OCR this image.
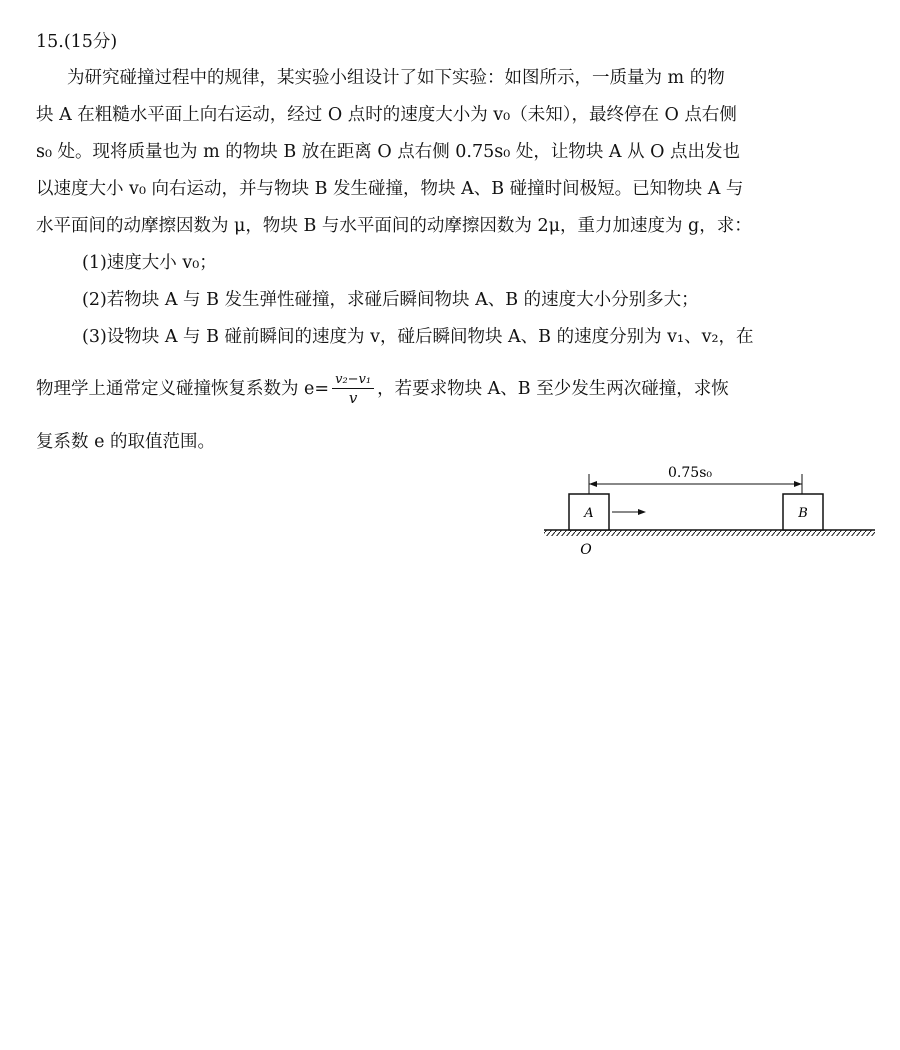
15.(15分)
为研究碰撞过程中的规律，某实验小组设计了如下实验：如图所示，一质量为 m 的物
块 A 在粗糙水平面上向右运动，经过 O 点时的速度大小为 v₀（未知），最终停在 O 点右侧
s₀ 处。现将质量也为 m 的物块 B 放在距离 O 点右侧 0.75s₀ 处，让物块 A 从 O 点出发也
以速度大小 v₀ 向右运动，并与物块 B 发生碰撞，物块 A、B 碰撞时间极短。已知物块 A 与
水平面间的动摩擦因数为 μ，物块 B 与水平面间的动摩擦因数为 2μ，重力加速度为 g，求：
(1)速度大小 v₀；
(2)若物块 A 与 B 发生弹性碰撞，求碰后瞬间物块 A、B 的速度大小分别多大；
(3)设物块 A 与 B 碰前瞬间的速度为 v，碰后瞬间物块 A、B 的速度分别为 v₁、v₂，在
物理学上通常定义碰撞恢复系数为 $e= \frac{\text{v₂−v₁}}{v}$ ，若要求物块 A、B 至少发生两次碰撞，求恢
复系数 e 的取值范围。
0.75s₀
A	B
O
